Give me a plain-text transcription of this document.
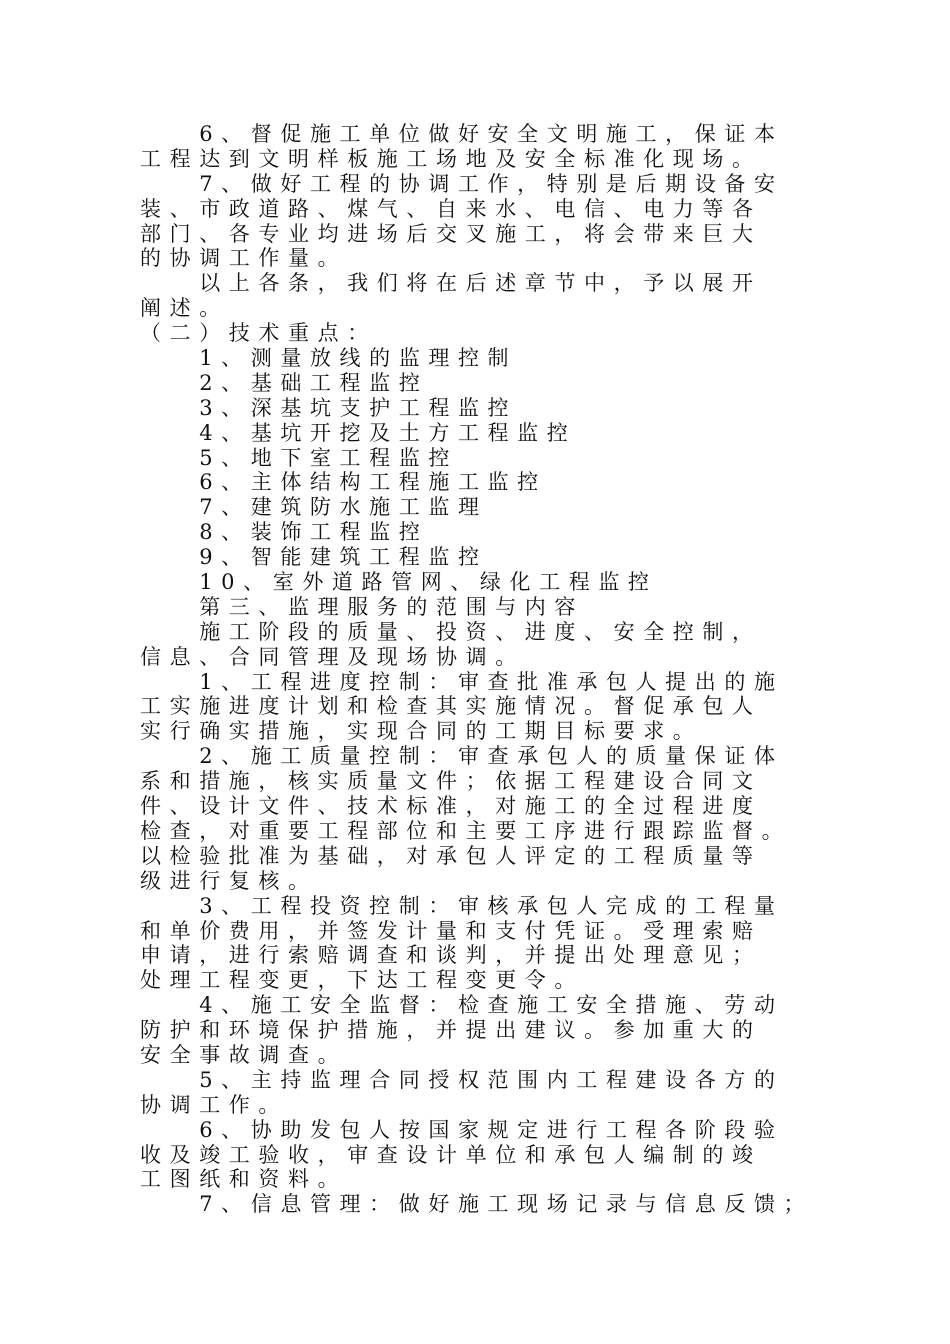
　　6、督促施工单位做好安全文明施工，保证本
工程达到文明样板施工场地及安全标准化现场。
　　7、做好工程的协调工作，特别是后期设备安
装、市政道路、煤气、自来水、电信、电力等各
部门、各专业均进场后交叉施工，将会带来巨大
的协调工作量。
　　以上各条，我们将在后述章节中，予以展开
阐述。
（二）技术重点：
　　1、测量放线的监理控制
　　2、基础工程监控
　　3、深基坑支护工程监控
　　4、基坑开挖及土方工程监控
　　5、地下室工程监控
　　6、主体结构工程施工监控
　　7、建筑防水施工监理
　　8、装饰工程监控
　　9、智能建筑工程监控
　　10、室外道路管网、绿化工程监控
　　第三、监理服务的范围与内容
　　施工阶段的质量、投资、进度、安全控制，
信息、合同管理及现场协调。
　　1、工程进度控制：审查批准承包人提出的施
工实施进度计划和检查其实施情况。督促承包人
实行确实措施，实现合同的工期目标要求。
　　2、施工质量控制：审查承包人的质量保证体
系和措施，核实质量文件；依据工程建设合同文
件、设计文件、技术标准，对施工的全过程进度
检查，对重要工程部位和主要工序进行跟踪监督。
以检验批准为基础，对承包人评定的工程质量等
级进行复核。
　　3、工程投资控制：审核承包人完成的工程量
和单价费用，并签发计量和支付凭证。受理索赔
申请，进行索赔调查和谈判，并提出处理意见；
处理工程变更，下达工程变更令。
　　4、施工安全监督：检查施工安全措施、劳动
防护和环境保护措施，并提出建议。参加重大的
安全事故调查。
　　5、主持监理合同授权范围内工程建设各方的
协调工作。
　　6、协助发包人按国家规定进行工程各阶段验
收及竣工验收，审查设计单位和承包人编制的竣
工图纸和资料。
　　7、信息管理：做好施工现场记录与信息反馈；
